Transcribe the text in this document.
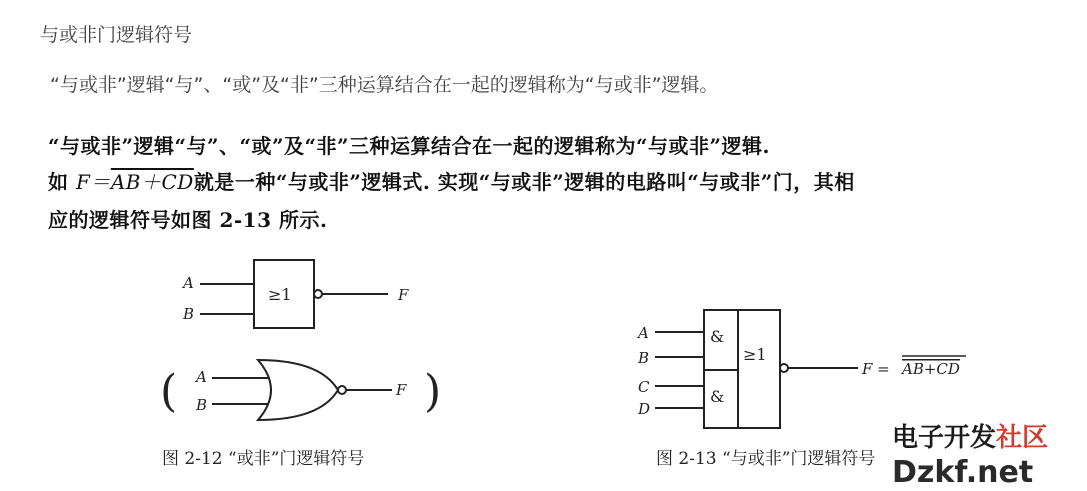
与或非门逻辑符号
“与或非”逻辑“与”、“或”及“非”三种运算结合在一起的逻辑称为“与或非”逻辑。
“与或非”逻辑“与”、“或”及“非”三种运算结合在一起的逻辑称为“与或非”逻辑.
如 F＝AB＋CD就是一种“与或非”逻辑式. 实现“与或非”逻辑的电路叫“与或非”门，其相
应的逻辑符号如图 2-13 所示.
A
B
≥1	F
A
B
F
(	)
图 2-12 “或非”门逻辑符号
A
B
C
D
&
&
≥1
F = AB+CD
图 2-13 “与或非”门逻辑符号
电子开发社区
Dzkf.net
